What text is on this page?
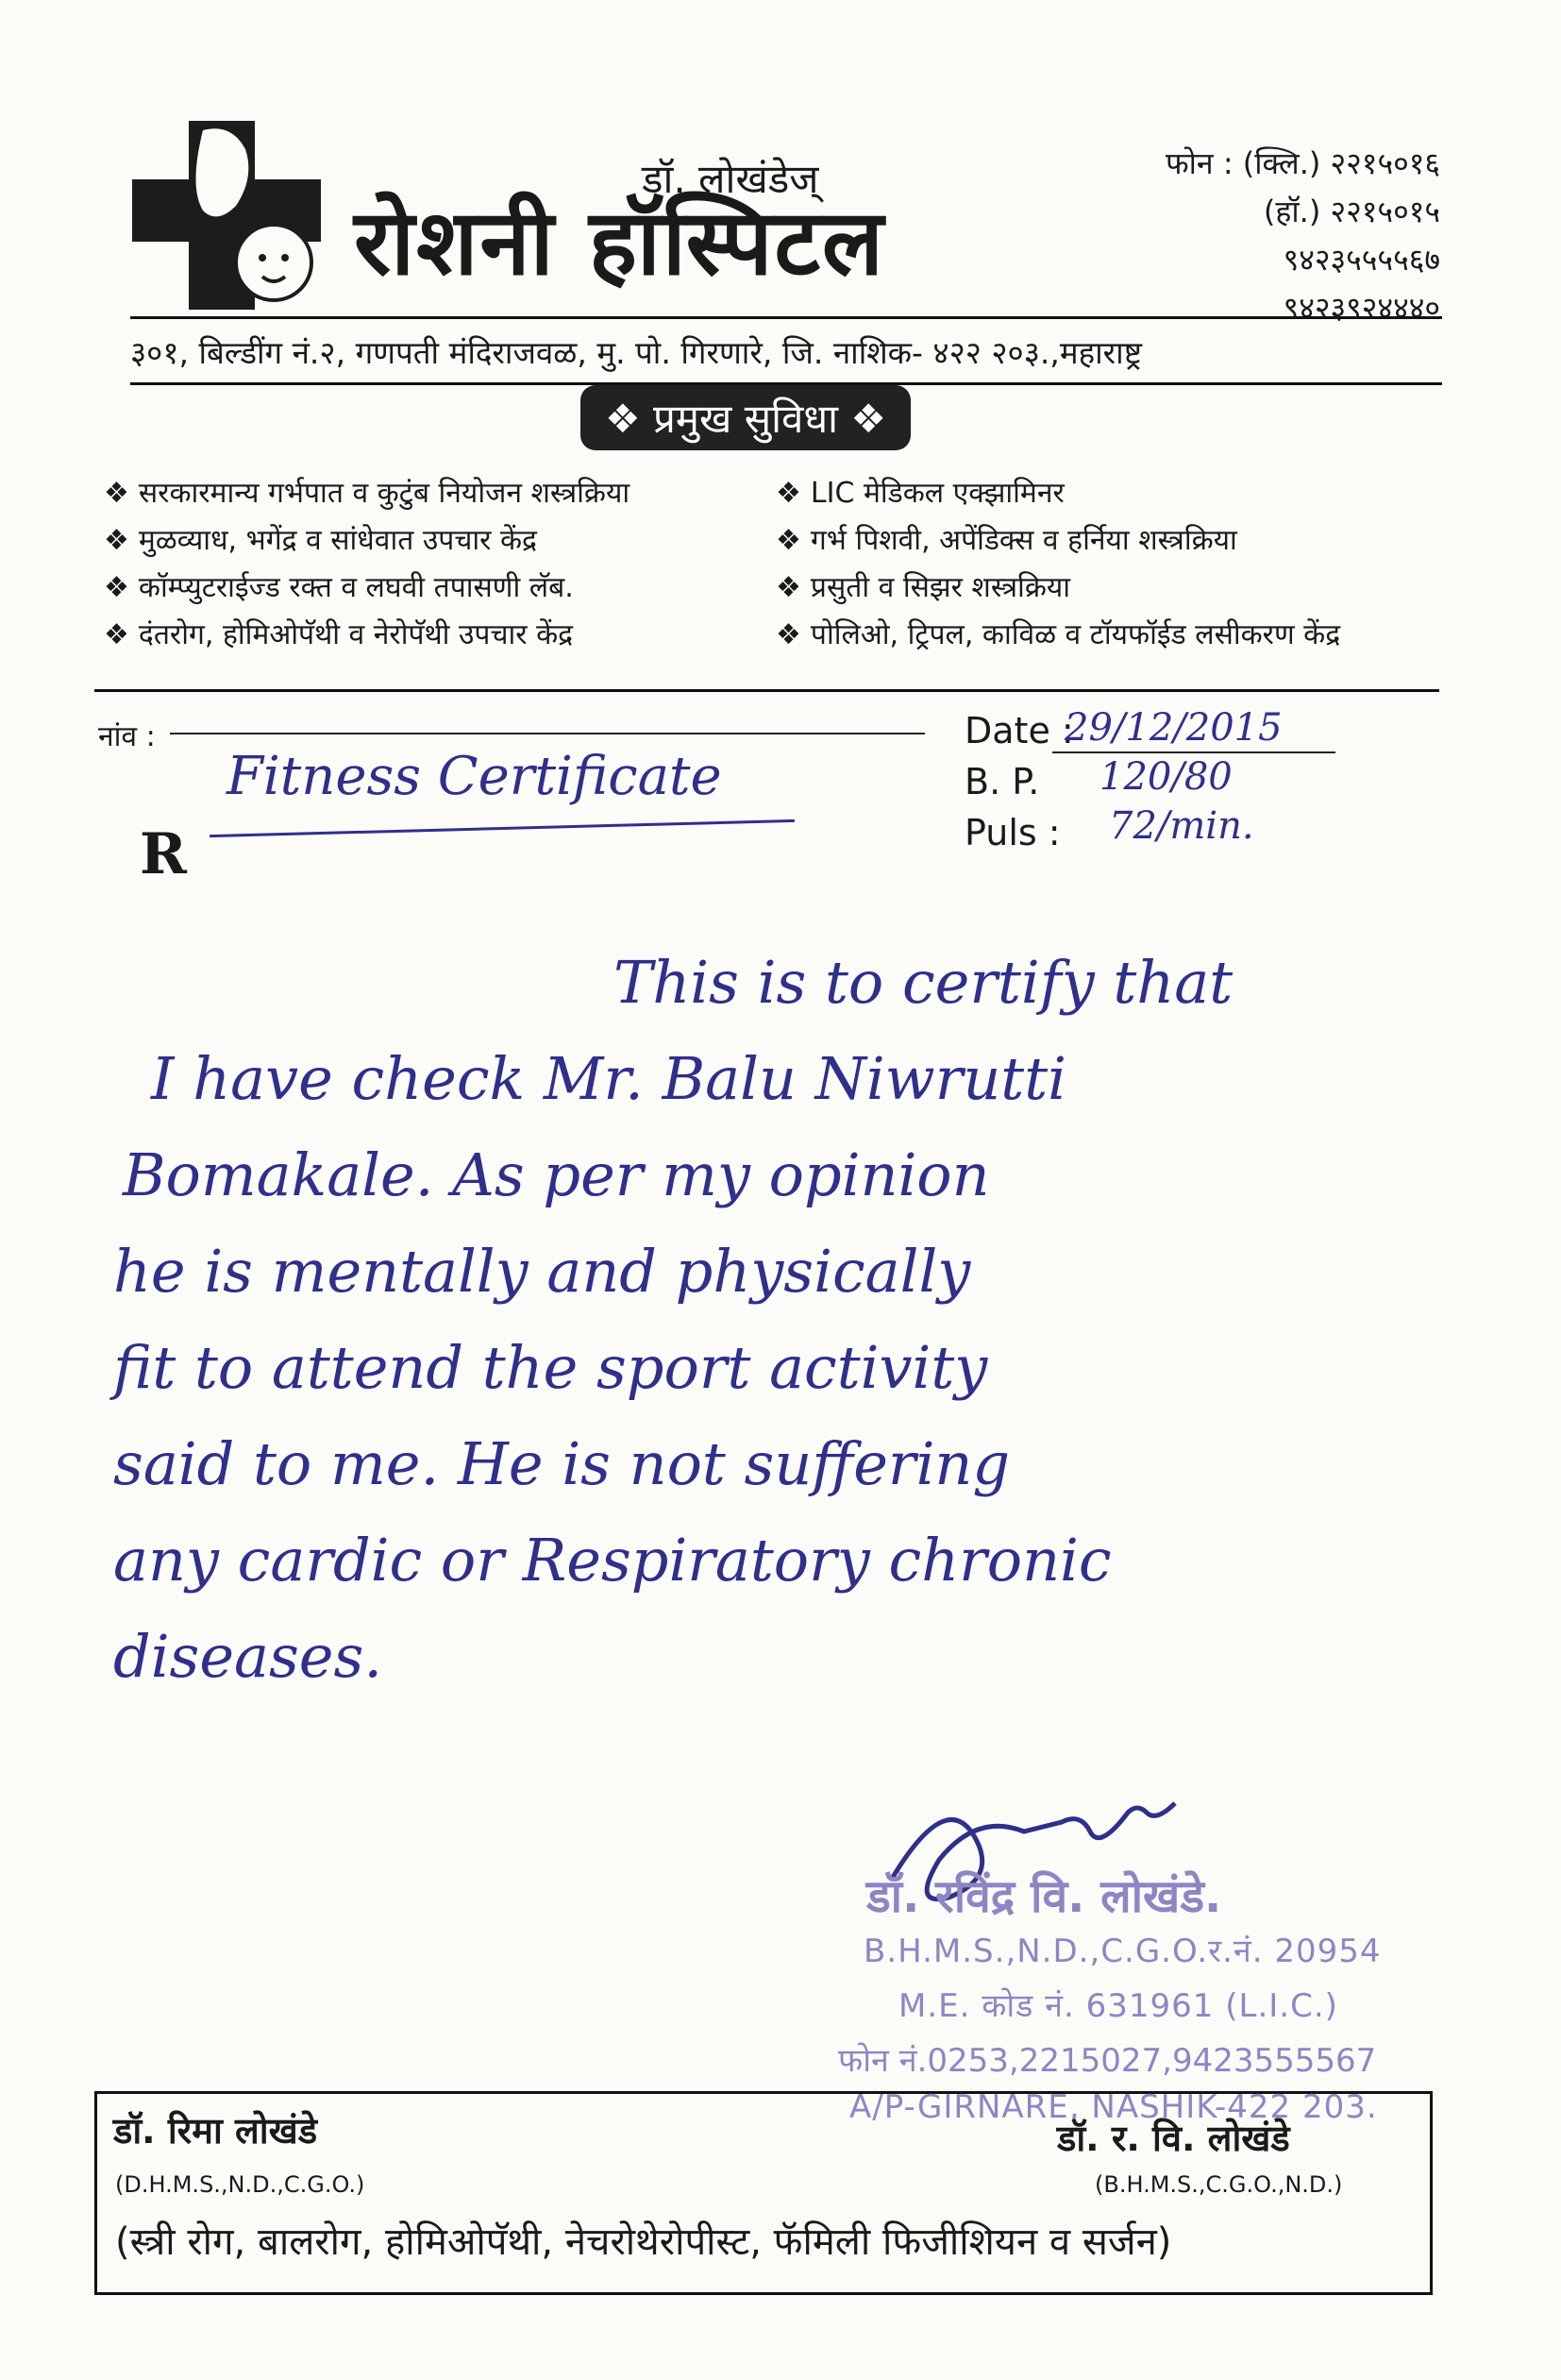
डॉ. लोखंडेज्
रोशनी हॉस्पिटल
फोन : (क्लि.) २२१५०१६
(हॉ.) २२१५०१५
९४२३५५५५६७
९४२३९२४४४०
३०१, बिल्डींग नं.२, गणपती मंदिराजवळ, मु. पो. गिरणारे, जि. नाशिक- ४२२ २०३.,महाराष्ट्र
❖ प्रमुख सुविधा ❖
❖ सरकारमान्य गर्भपात व कुटुंब नियोजन शस्त्रक्रिया
❖ मुळव्याध, भगेंद्र व सांधेवात उपचार केंद्र
❖ कॉम्प्युटराईज्ड रक्त व लघवी तपासणी लॅब.
❖ दंतरोग, होमिओपॅथी व नेरोपॅथी उपचार केंद्र
❖ LIC मेडिकल एक्झामिनर
❖ गर्भ पिशवी, अपेंडिक्स व हर्निया शस्त्रक्रिया
❖ प्रसुती व सिझर शस्त्रक्रिया
❖ पोलिओ, ट्रिपल, काविळ व टॉयफॉईड लसीकरण केंद्र
नांव :
R
Date :
B. P.
Puls :
29/12/2015
120/80
72/min.
Fitness Certificate
This is to certify that
I have check Mr. Balu Niwrutti
Bomakale. As per my opinion
he is mentally and physically
fit to attend the sport activity
said to me. He is not suffering
any cardic or Respiratory chronic
diseases.
डॉ. रविंद्र वि. लोखंडे.
B.H.M.S.,N.D.,C.G.O.र.नं. 20954
M.E. कोड नं. 631961 (L.I.C.)
फोन नं.0253,2215027,9423555567
A/P-GIRNARE, NASHIK-422 203.
डॉ. रिमा लोखंडे
(D.H.M.S.,N.D.,C.G.O.)
डॉ. र. वि. लोखंडे
(B.H.M.S.,C.G.O.,N.D.)
(स्त्री रोग, बालरोग, होमिओपॅथी, नेचरोथेरोपीस्ट, फॅमिली फिजीशियन व सर्जन)
